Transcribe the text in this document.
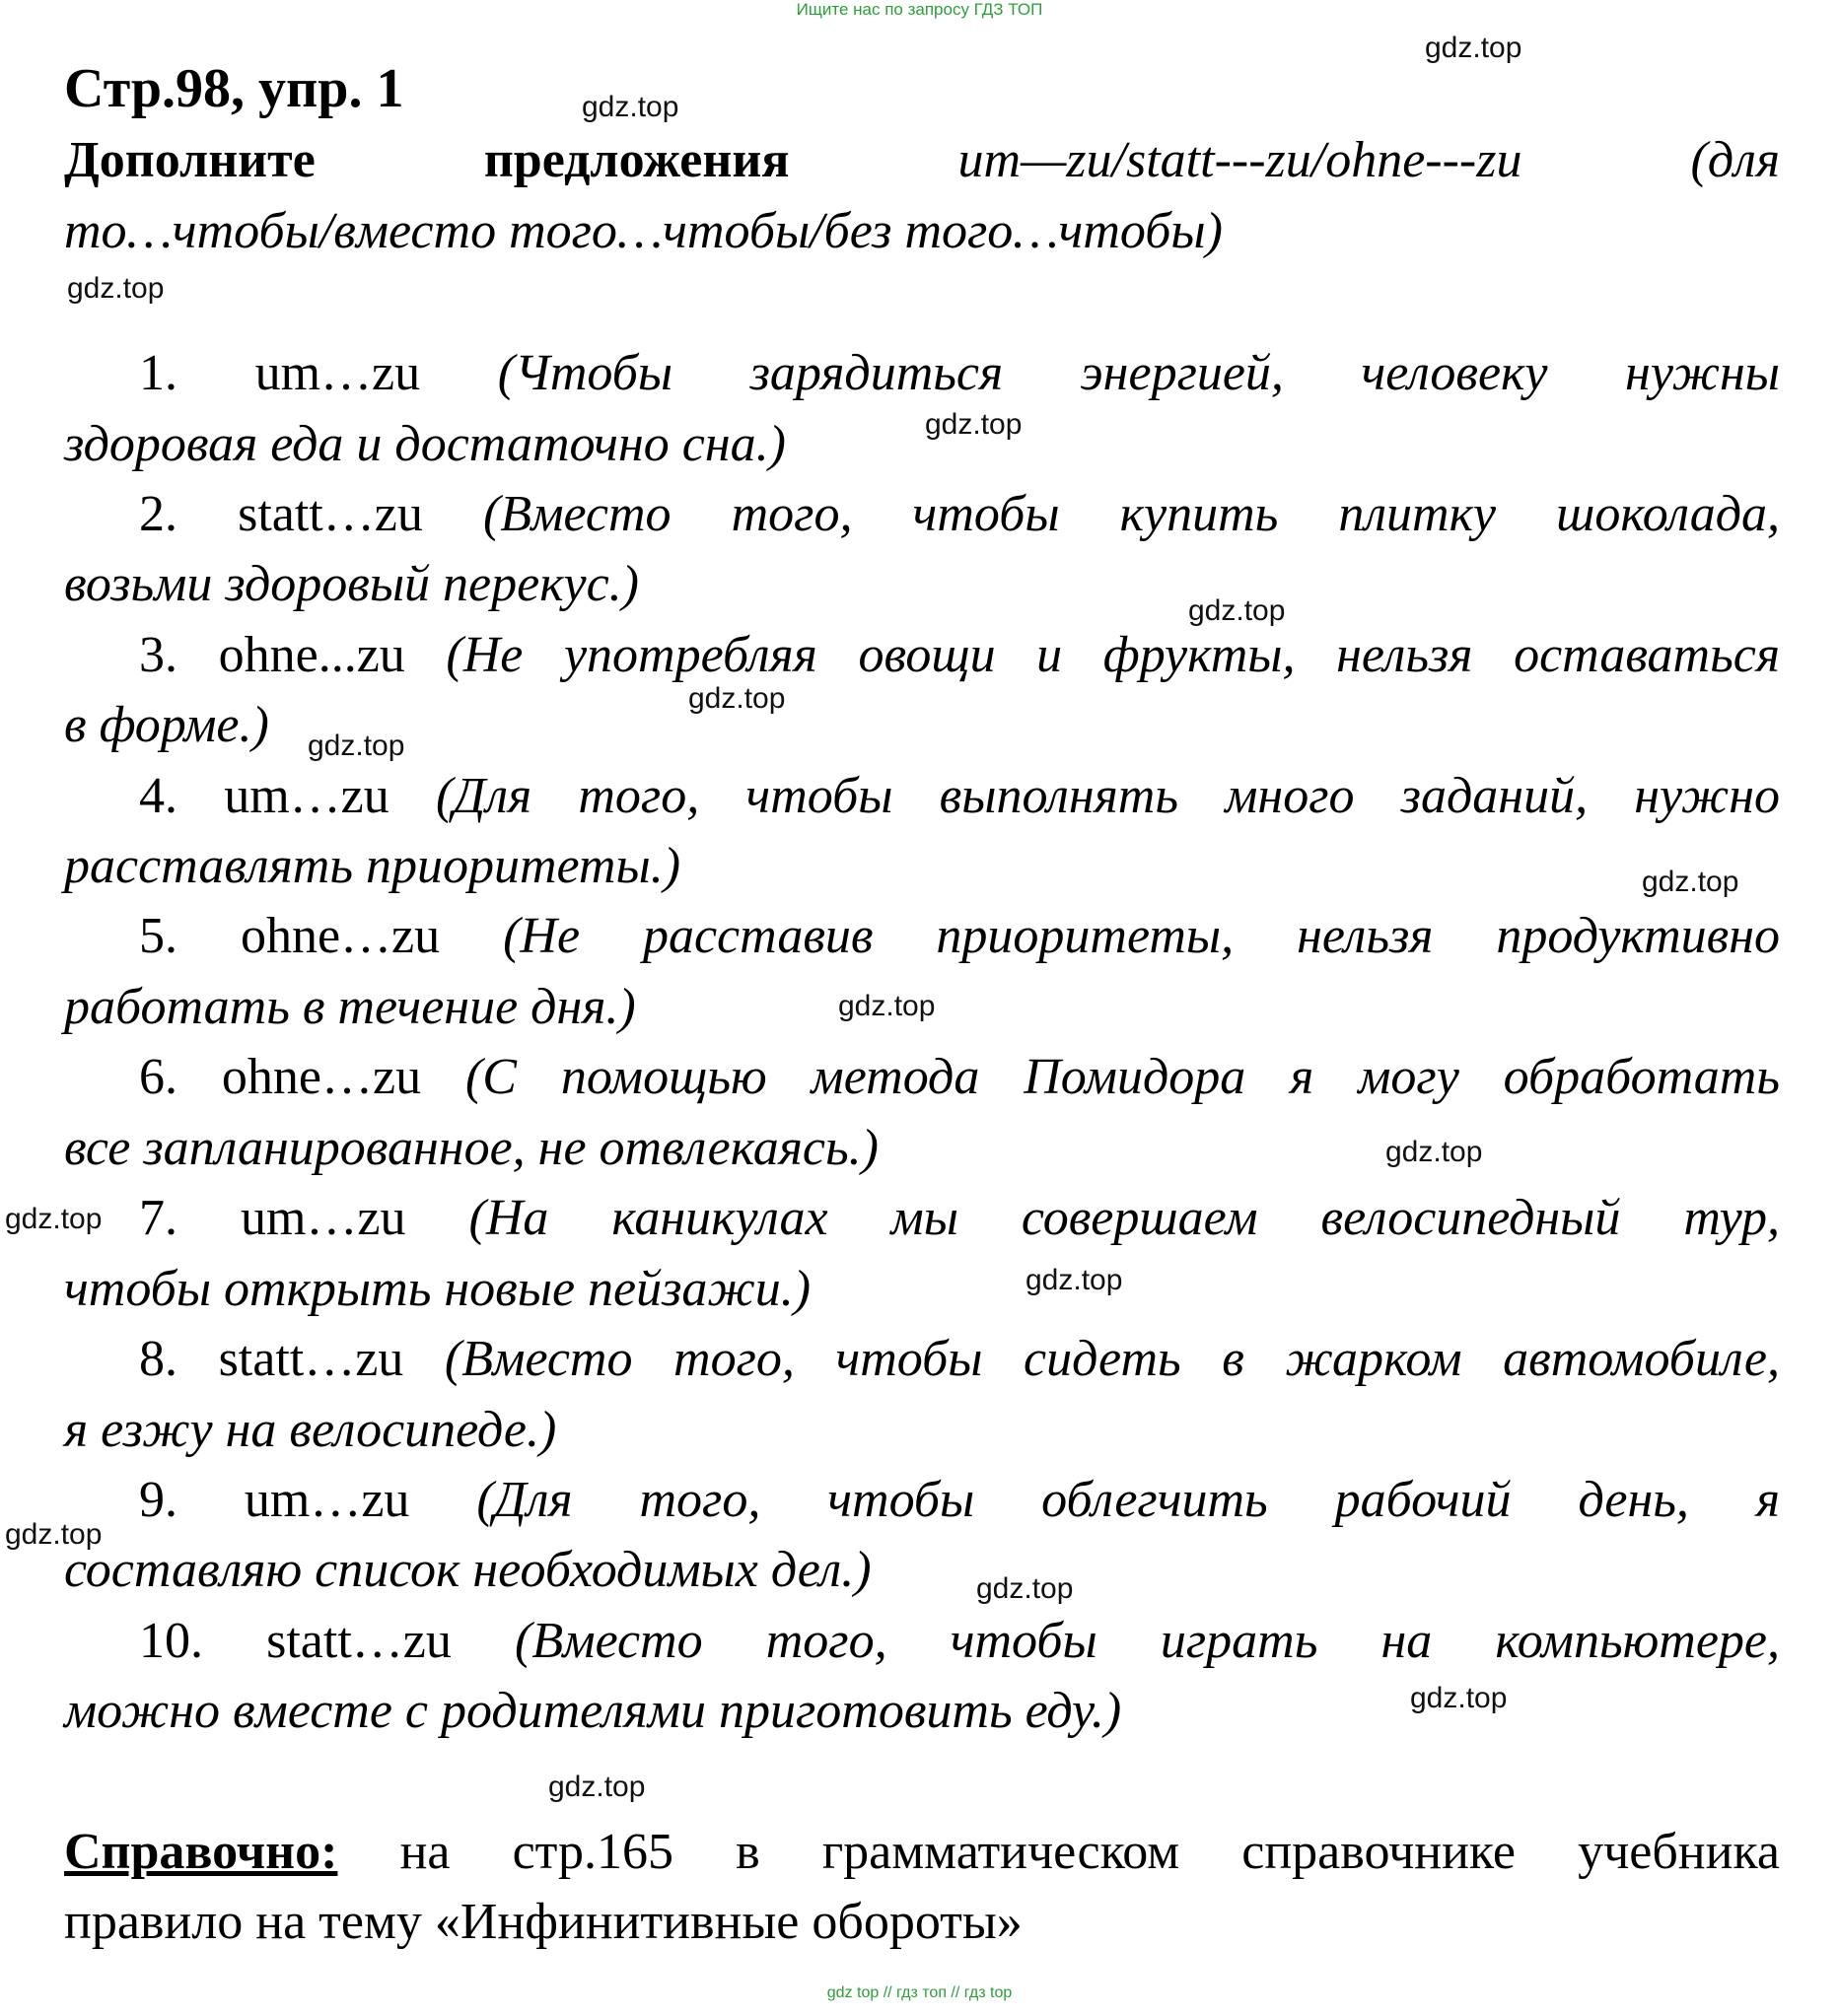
Ищите нас по запросу ГДЗ ТОП
gdz top // гдз топ // гдз top
gdz.top
gdz.top
gdz.top
gdz.top
gdz.top
gdz.top
gdz.top
gdz.top
gdz.top
gdz.top
gdz.top
gdz.top
gdz.top
gdz.top
gdz.top
gdz.top
Стр.98, упр. 1
Дополните предложения	um—zu/statt---zu/ohne---zu (для
то…чтобы/вместо того…чтобы/без того…чтобы)
1. um…zu (Чтобы зарядиться энергией, человеку нужны
здоровая еда и достаточно сна.)
2. statt…zu (Вместо того, чтобы купить плитку шоколада,
возьми здоровый перекус.)
3. ohne...zu (Не употребляя овощи и фрукты, нельзя оставаться
в форме.)
4. um…zu (Для того, чтобы выполнять много заданий, нужно
расставлять приоритеты.)
5. ohne…zu (Не расставив приоритеты, нельзя продуктивно
работать в течение дня.)
6. ohne…zu (С помощью метода Помидора я могу обработать
все запланированное, не отвлекаясь.)
7. um…zu (На каникулах мы совершаем велосипедный тур,
чтобы открыть новые пейзажи.)
8. statt…zu (Вместо того, чтобы сидеть в жарком автомобиле,
я езжу на велосипеде.)
9. um…zu (Для того, чтобы облегчить рабочий день, я
составляю список необходимых дел.)
10. statt…zu (Вместо того, чтобы играть на компьютере,
можно вместе с родителями приготовить еду.)
Справочно: на стр.165 в грамматическом справочнике учебника
правило на тему «Инфинитивные обороты»
